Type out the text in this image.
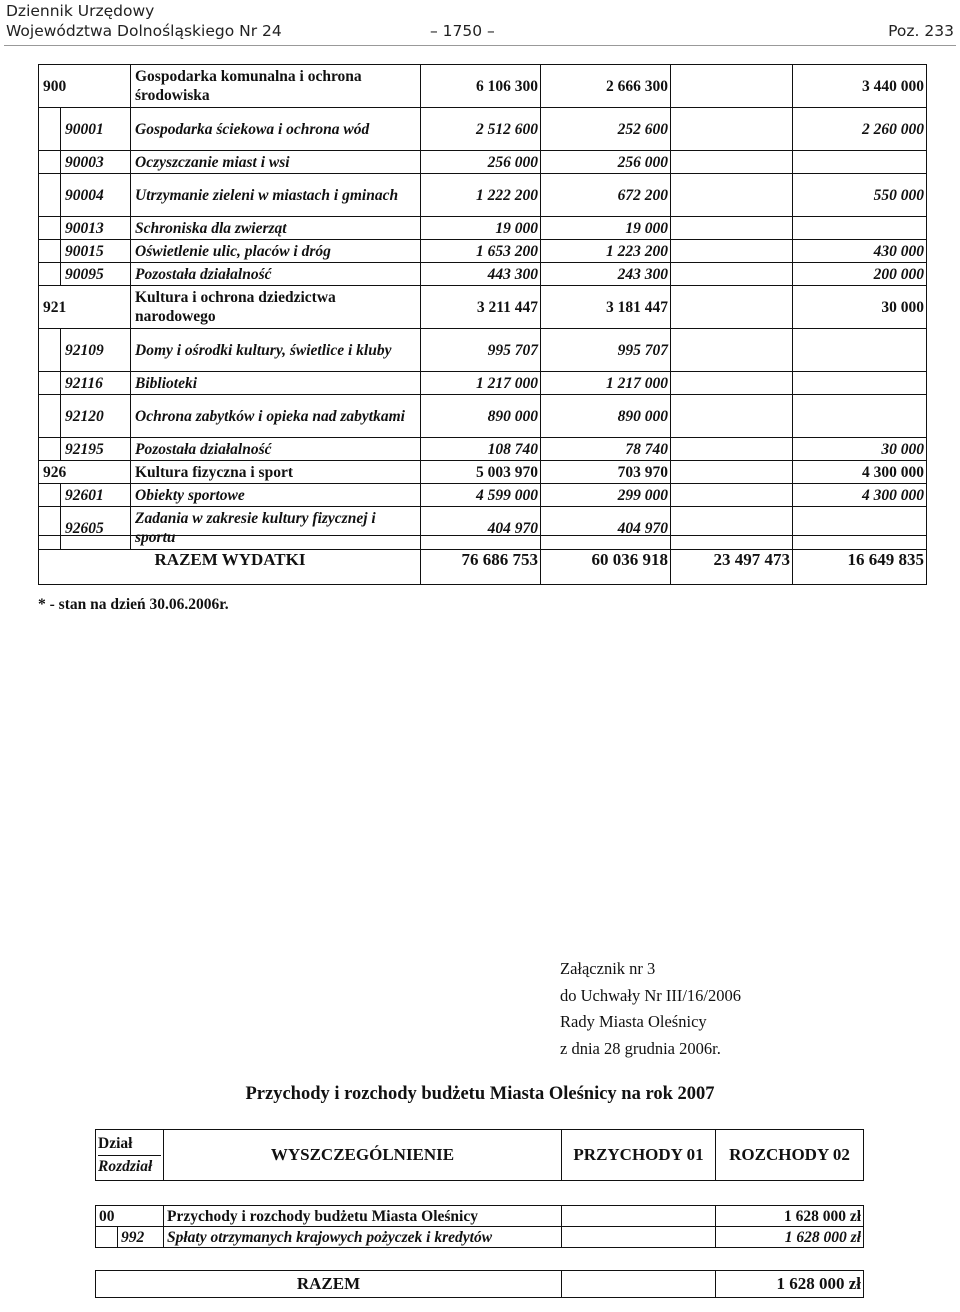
Dziennik Urzędowy
Województwa Dolnośląskiego Nr 24	– 1750 –	Poz. 233
900		Gospodarka komunalna i ochrona środowiska	6 106 300	2 666 300		3 440 000
	90001	Gospodarka ściekowa i ochrona wód	2 512 600	252 600		2 260 000
	90003	Oczyszczanie miast i wsi	256 000	256 000		
	90004	Utrzymanie zieleni w miastach i gminach	1 222 200	672 200		550 000
	90013	Schroniska dla zwierząt	19 000	19 000		
	90015	Oświetlenie ulic, placów i dróg	1 653 200	1 223 200		430 000
	90095	Pozostała działalność	443 300	243 300		200 000
921		Kultura i ochrona dziedzictwa narodowego	3 211 447	3 181 447		30 000
	92109	Domy i ośrodki kultury, świetlice i kluby	995 707	995 707		
	92116	Biblioteki	1 217 000	1 217 000		
	92120	Ochrona zabytków i opieka nad zabytkami	890 000	890 000		
	92195	Pozostała działalność	108 740	78 740		30 000
926		Kultura fizyczna i sport	5 003 970	703 970		4 300 000
	92601	Obiekty sportowe	4 599 000	299 000		4 300 000
	92605	Zadania w zakresie kultury fizycznej i sportu	404 970	404 970		
RAZEM WYDATKI	76 686 753	60 036 918	23 497 473	16 649 835
* - stan na dzień 30.06.2006r.
Załącznik nr 3
do Uchwały Nr III/16/2006
Rady Miasta Oleśnicy
z dnia 28 grudnia 2006r.
Przychody i rozchody budżetu Miasta Oleśnicy na rok 2007
Dział
Rozdział
	WYSZCZEGÓLNIENIE	PRZYCHODY 01	ROZCHODY 02
00		Przychody i rozchody budżetu Miasta Oleśnicy		1 628 000 zł
	992	Spłaty otrzymanych krajowych pożyczek i kredytów		1 628 000 zł
RAZEM		1 628 000 zł
